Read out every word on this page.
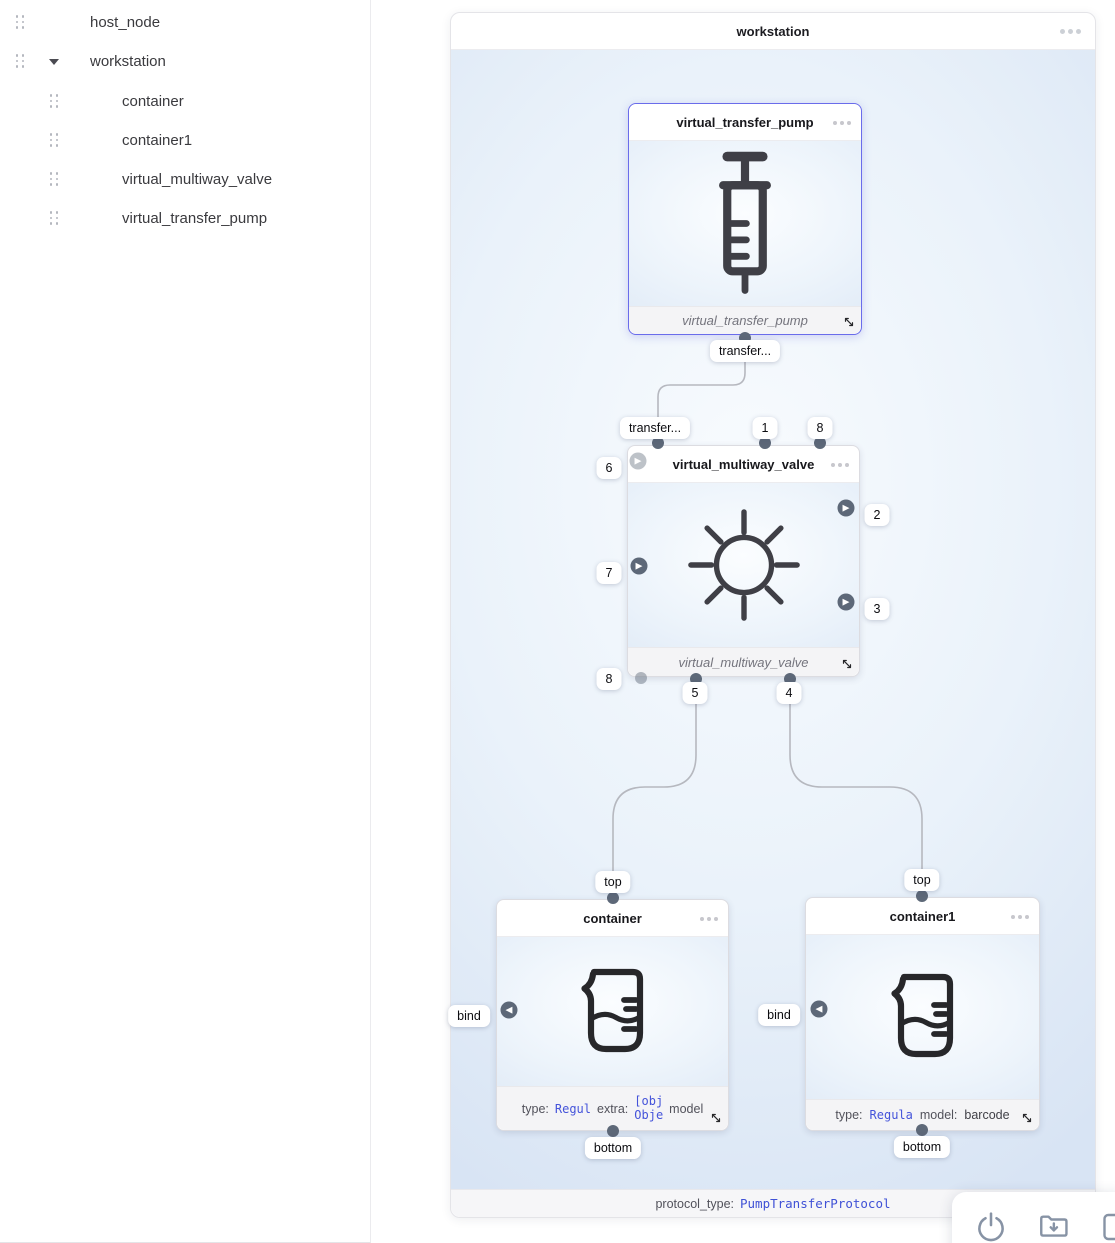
host_node
workstation
container
container1
virtual_multiway_valve
virtual_transfer_pump
workstation
protocol_type: PumpTransferProtocol
virtual_transfer_pump
virtual_transfer_pump
transfer...
virtual_multiway_valve
virtual_multiway_valve
transfer...	1	8
▶
6
▶
7
8
▶
2
▶
3
5	4
container
type: Regul extra:
[obj
Obje model
top
◀
bind
bottom
container1
type: Regula model: barcode
top
◀
bind
bottom
